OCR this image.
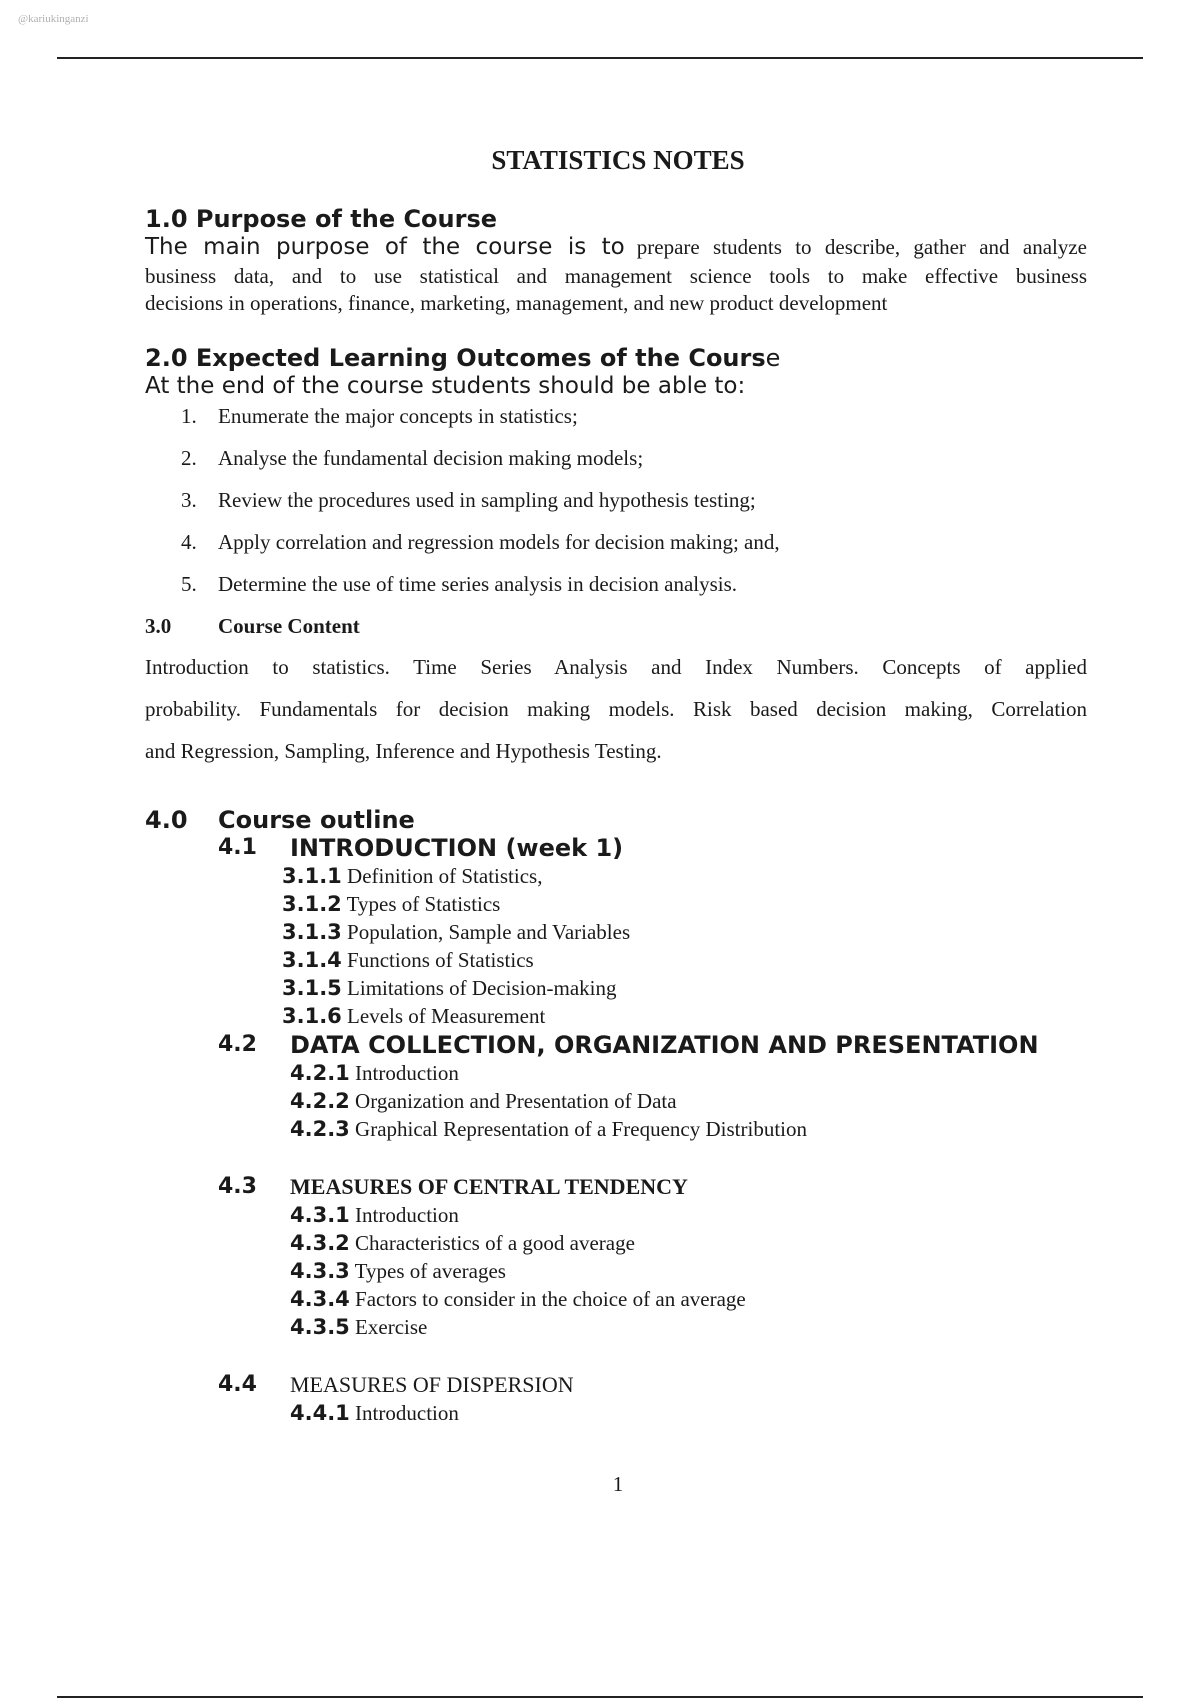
@kariukinganzi
STATISTICS NOTES
1.0 Purpose of the Course
The main purpose of the course is to prepare students to describe, gather and analyze
business data, and to use statistical and management science tools to make effective business
decisions in operations, finance, marketing, management, and new product development
2.0 Expected Learning Outcomes of the Course
At the end of the course students should be able to:
1. Enumerate the major concepts in statistics;
2. Analyse the fundamental decision making models;
3. Review the procedures used in sampling and hypothesis testing;
4. Apply correlation and regression models for decision making; and,
5. Determine the use of time series analysis in decision analysis.
3.0 Course Content
Introduction to statistics. Time Series Analysis and Index Numbers. Concepts of applied
probability. Fundamentals for decision making models. Risk based decision making, Correlation
and Regression, Sampling, Inference and Hypothesis Testing.
4.0 Course outline
4.1 INTRODUCTION (week 1)
3.1.1 Definition of Statistics,
3.1.2 Types of Statistics
3.1.3 Population, Sample and Variables
3.1.4 Functions of Statistics
3.1.5 Limitations of Decision-making
3.1.6 Levels of Measurement
4.2 DATA COLLECTION, ORGANIZATION AND PRESENTATION
4.2.1 Introduction
4.2.2 Organization and Presentation of Data
4.2.3 Graphical Representation of a Frequency Distribution
4.3 MEASURES OF CENTRAL TENDENCY
4.3.1 Introduction
4.3.2 Characteristics of a good average
4.3.3 Types of averages
4.3.4 Factors to consider in the choice of an average
4.3.5 Exercise
4.4 MEASURES OF DISPERSION
4.4.1 Introduction
1
